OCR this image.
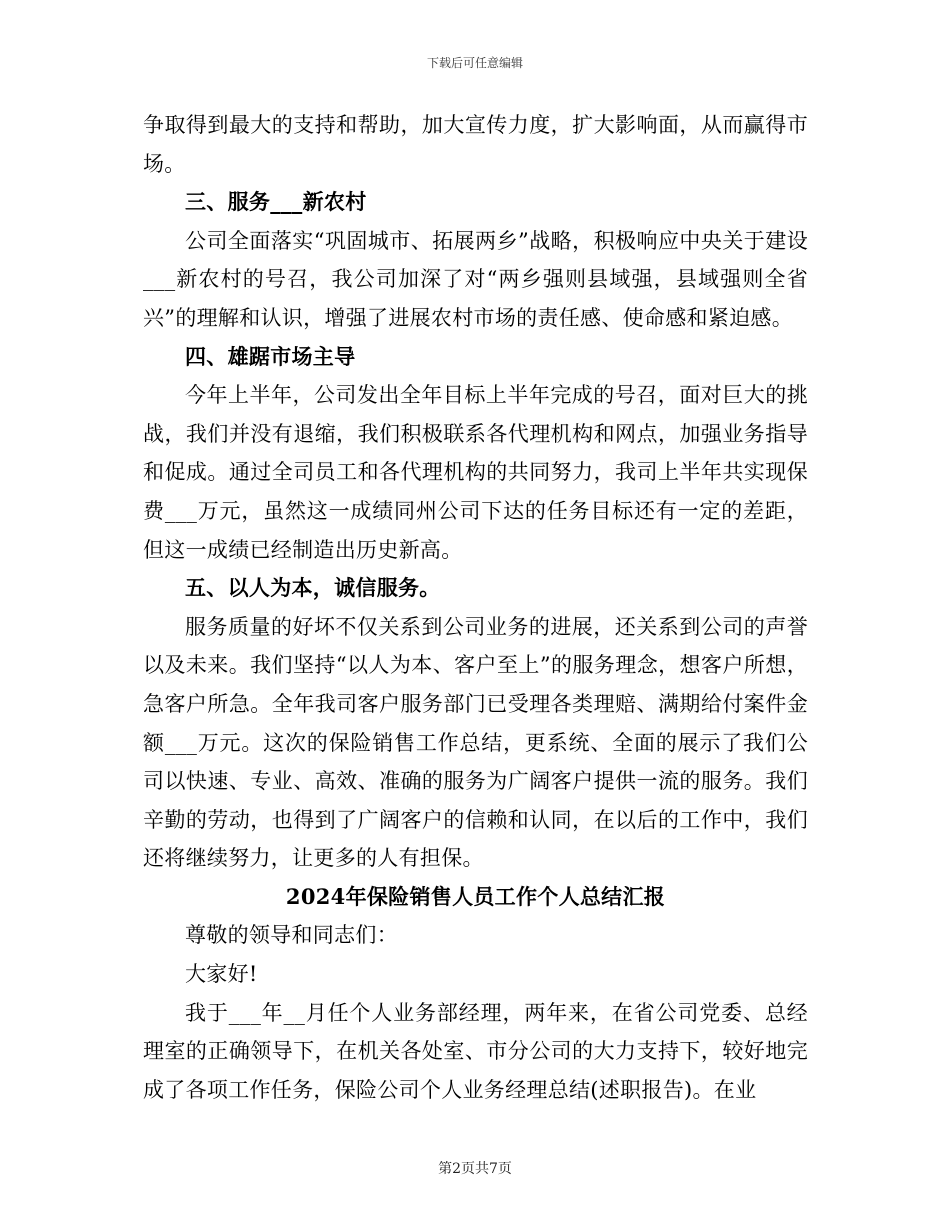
下载后可任意编辑

争取得到最大的支持和帮助，加大宣传力度，扩大影响面，从而赢得市场。

三、服务___新农村

公司全面落实“巩固城市、拓展两乡”战略，积极响应中央关于建设___新农村的号召，我公司加深了对“两乡强则县域强，县域强则全省兴”的理解和认识，增强了进展农村市场的责任感、使命感和紧迫感。

四、雄踞市场主导

今年上半年，公司发出全年目标上半年完成的号召，面对巨大的挑战，我们并没有退缩，我们积极联系各代理机构和网点，加强业务指导和促成。通过全司员工和各代理机构的共同努力，我司上半年共实现保费___万元，虽然这一成绩同州公司下达的任务目标还有一定的差距，但这一成绩已经制造出历史新高。

五、以人为本，诚信服务。

服务质量的好坏不仅关系到公司业务的进展，还关系到公司的声誉以及未来。我们坚持“以人为本、客户至上”的服务理念，想客户所想，急客户所急。全年我司客户服务部门已受理各类理赔、满期给付案件金额___万元。这次的保险销售工作总结，更系统、全面的展示了我们公司以快速、专业、高效、准确的服务为广阔客户提供一流的服务。我们辛勤的劳动，也得到了广阔客户的信赖和认同，在以后的工作中，我们还将继续努力，让更多的人有担保。

2024年保险销售人员工作个人总结汇报

尊敬的领导和同志们：

大家好!

我于___年__月任个人业务部经理，两年来，在省公司党委、总经理室的正确领导下，在机关各处室、市分公司的大力支持下，较好地完成了各项工作任务，保险公司个人业务经理总结(述职报告)。在业

第2页共7页
